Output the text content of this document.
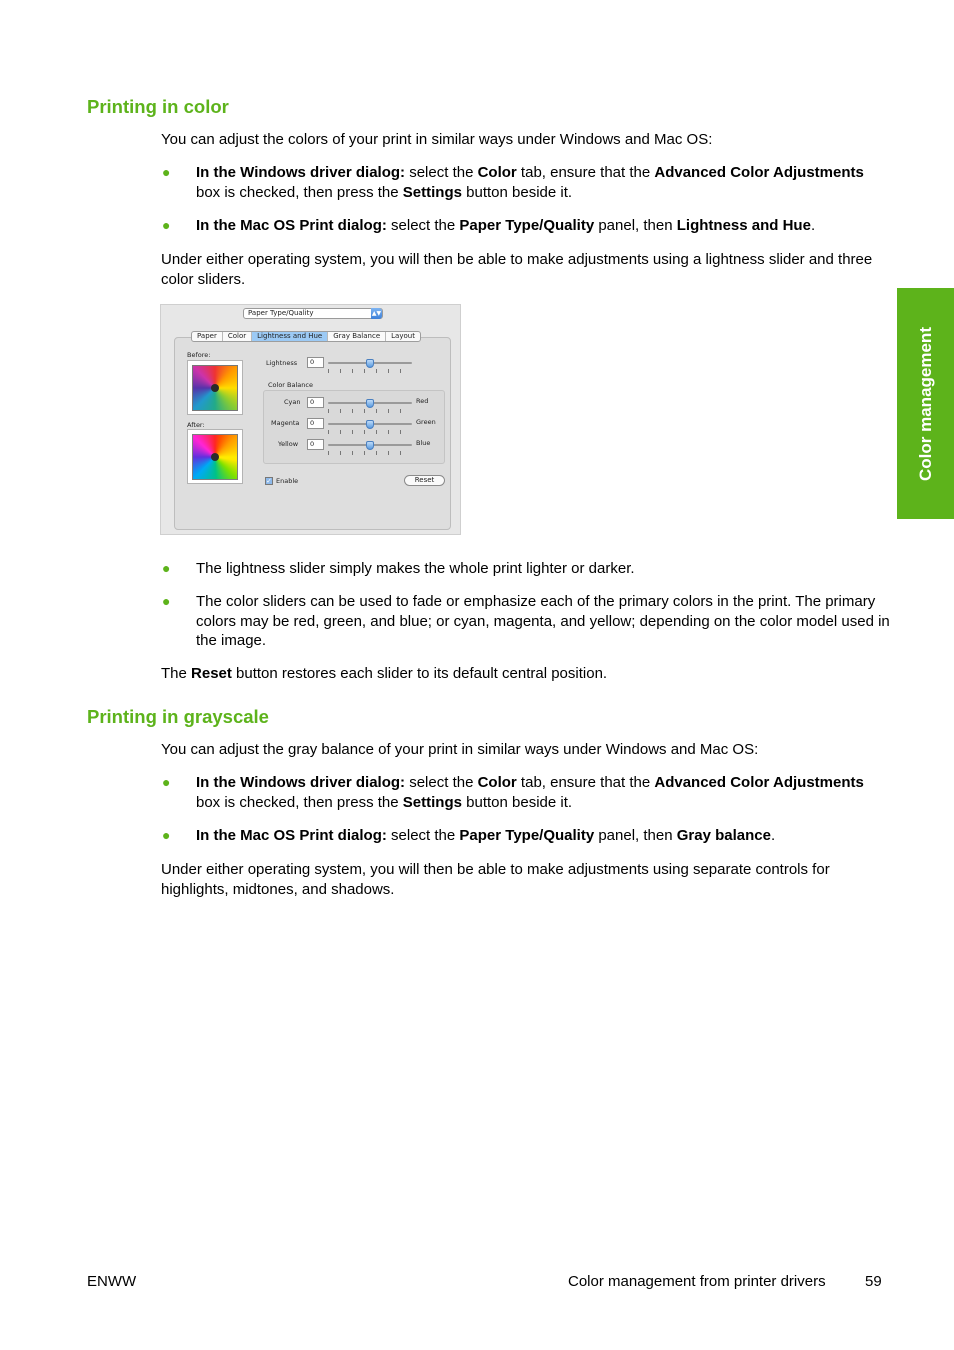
Printing in color
You can adjust the colors of your print in similar ways under Windows and Mac OS:
● In the Windows driver dialog: select the Color tab, ensure that the Advanced Color Adjustments box is checked, then press the Settings button beside it.
● In the Mac OS Print dialog: select the Paper Type/Quality panel, then Lightness and Hue.
Under either operating system, you will then be able to make adjustments using a lightness slider and three color sliders.
Paper Type/Quality	▲▼
Paper	Color	Lightness and Hue	Gray Balance	Layout
Before:
After:
Lightness	0
Color Balance
Cyan	0	Red
Magenta	0	Green
Yellow	0	Blue
✓ Enable	Reset
● The lightness slider simply makes the whole print lighter or darker.
● The color sliders can be used to fade or emphasize each of the primary colors in the print. The primary colors may be red, green, and blue; or cyan, magenta, and yellow; depending on the color model used in the image.
The Reset button restores each slider to its default central position.
Printing in grayscale
You can adjust the gray balance of your print in similar ways under Windows and Mac OS:
● In the Windows driver dialog: select the Color tab, ensure that the Advanced Color Adjustments box is checked, then press the Settings button beside it.
● In the Mac OS Print dialog: select the Paper Type/Quality panel, then Gray balance.
Under either operating system, you will then be able to make adjustments using separate controls for highlights, midtones, and shadows.
Color management
ENWW	Color management from printer drivers	59
